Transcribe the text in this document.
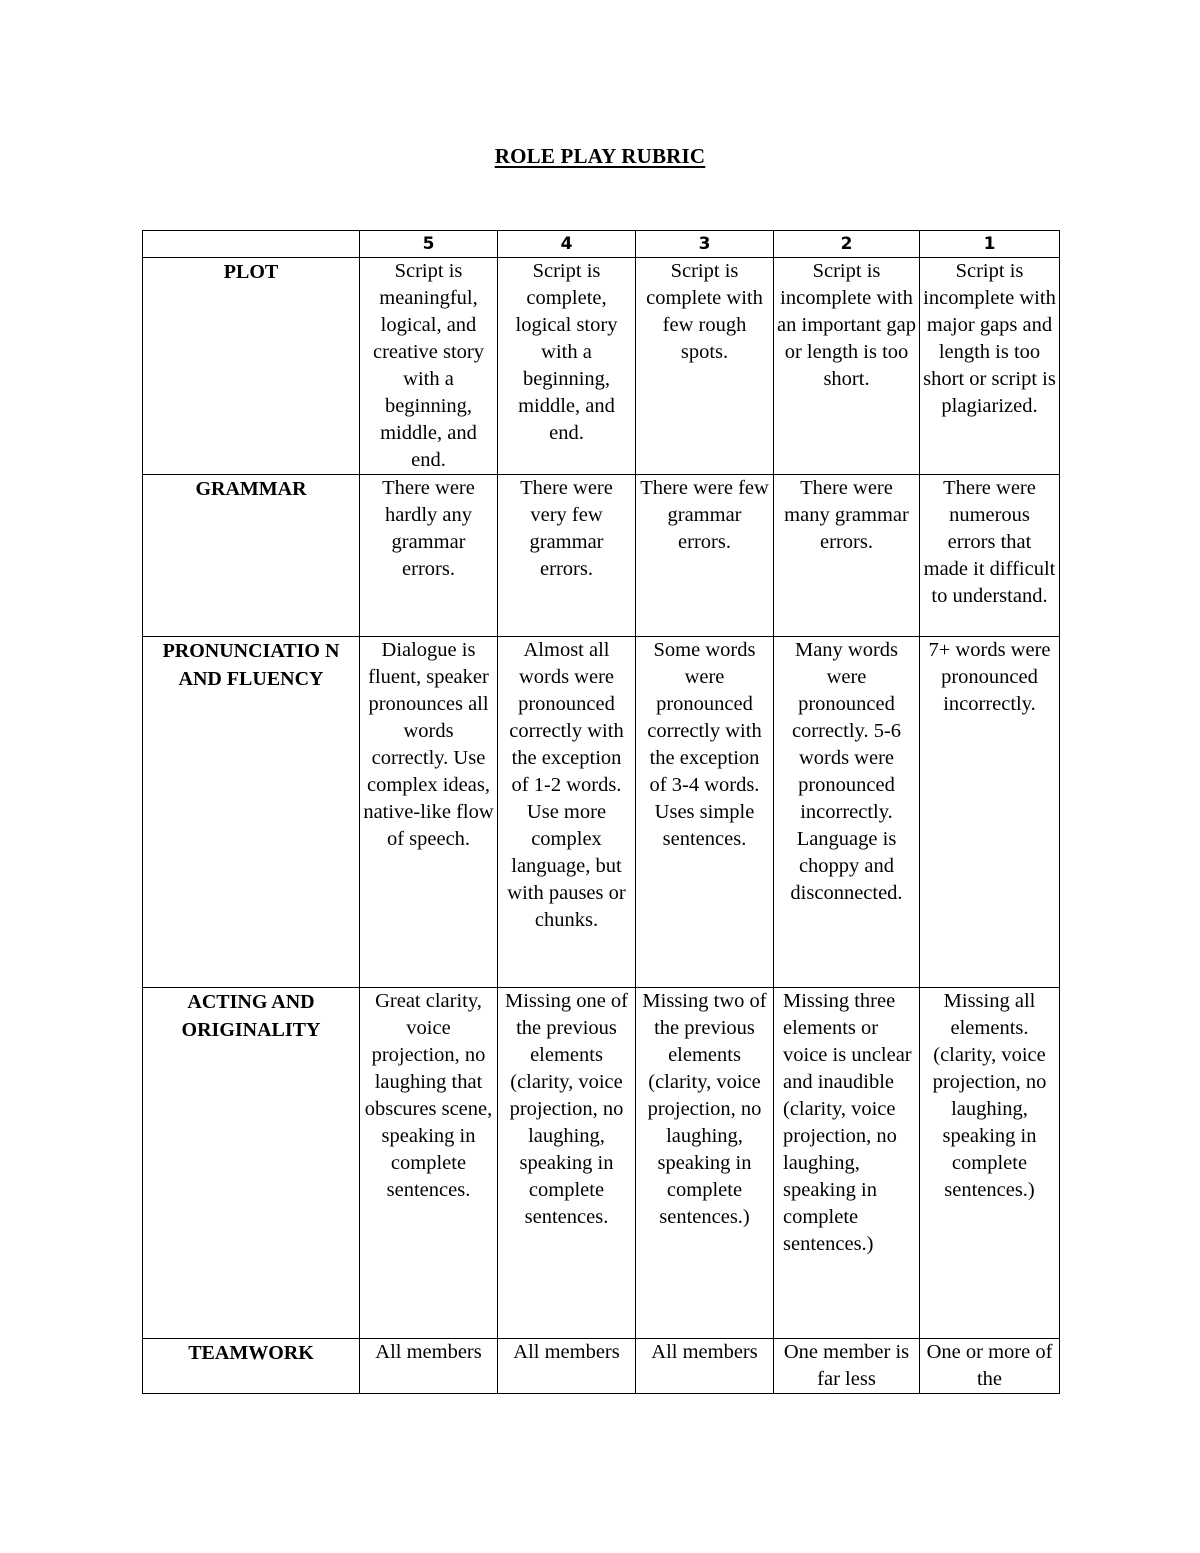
ROLE PLAY RUBRIC
	5	4	3	2	1
PLOT	Script is meaningful, logical, and creative story with a beginning, middle, and end.	Script is complete, logical story with a beginning, middle, and end.	Script is complete with few rough spots.	Script is incomplete with an important gap or length is too short.	Script is incomplete with major gaps and length is too short or script is plagiarized.
GRAMMAR	There were hardly any grammar errors.	There were very few grammar errors.	There were few grammar errors.	There were many grammar errors.	There were numerous errors that made it difficult to understand.
PRONUNCIATIO N AND FLUENCY	Dialogue is fluent, speaker pronounces all words correctly. Use complex ideas, native-like flow of speech.	Almost all words were pronounced correctly with the exception of 1-2 words. Use more complex language, but with pauses or chunks.	Some words were pronounced correctly with the exception of 3-4 words. Uses simple sentences.	Many words were pronounced correctly. 5-6 words were pronounced incorrectly. Language is choppy and disconnected.	7+ words were pronounced incorrectly.
ACTING AND ORIGINALITY	Great clarity, voice projection, no laughing that obscures scene, speaking in complete sentences.	Missing one of the previous elements (clarity, voice projection, no laughing, speaking in complete sentences.	Missing two of the previous elements (clarity, voice projection, no laughing, speaking in complete sentences.)	Missing three elements or voice is unclear and inaudible (clarity, voice projection, no laughing, speaking in complete sentences.)	Missing all elements. (clarity, voice projection, no laughing, speaking in complete sentences.)
TEAMWORK	All members	All members	All members	One member is far less	One or more of the
